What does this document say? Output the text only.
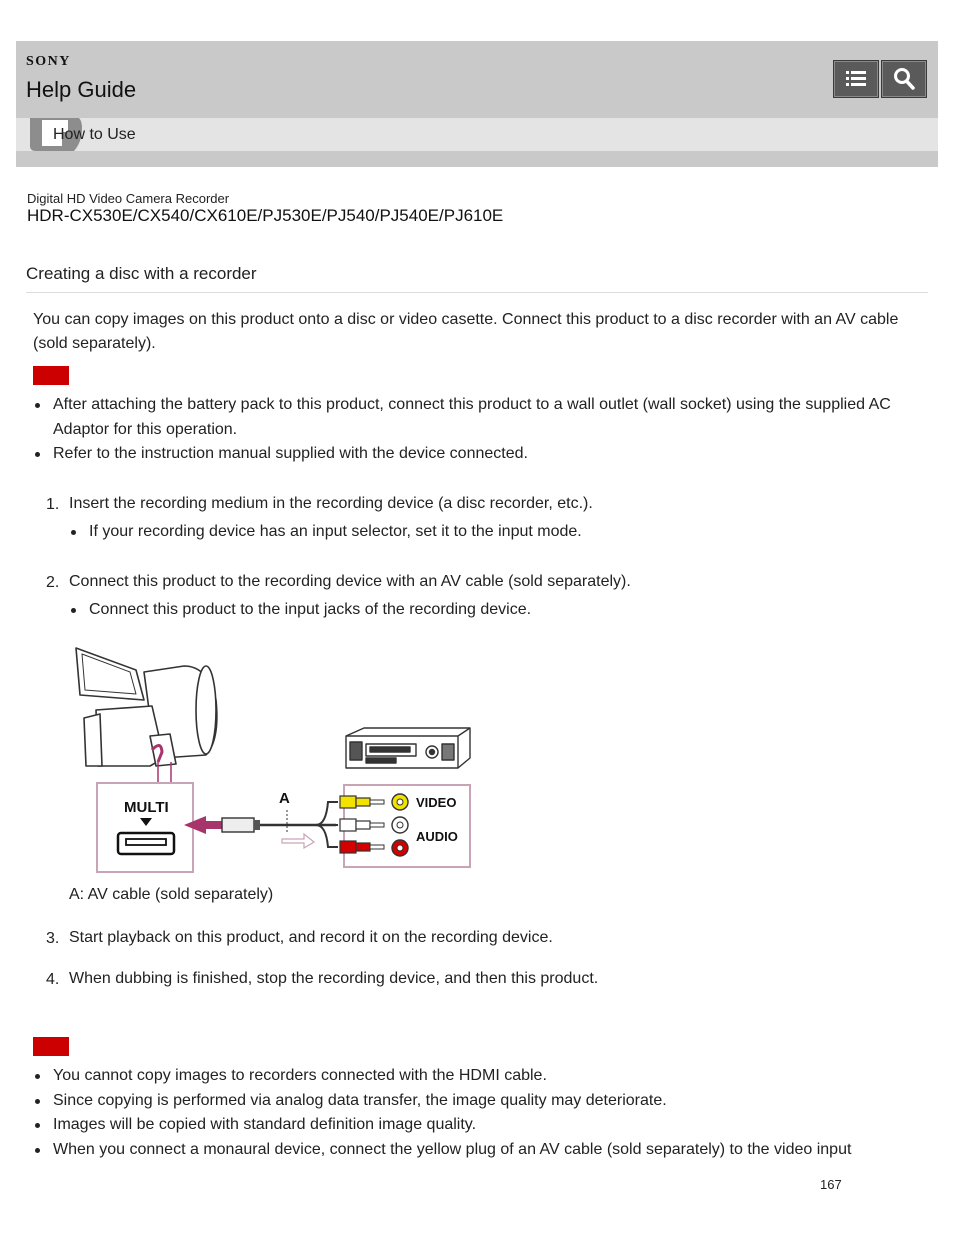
SONY
Help Guide
How to Use
Digital HD Video Camera Recorder
HDR-CX530E/CX540/CX610E/PJ530E/PJ540/PJ540E/PJ610E
Creating a disc with a recorder
You can copy images on this product onto a disc or video casette. Connect this product to a disc recorder with an AV cable (sold separately).
After attaching the battery pack to this product, connect this product to a wall outlet (wall socket) using the supplied AC Adaptor for this operation.
Refer to the instruction manual supplied with the device connected.
1. Insert the recording medium in the recording device (a disc recorder, etc.).
If your recording device has an input selector, set it to the input mode.
2. Connect this product to the recording device with an AV cable (sold separately).
Connect this product to the input jacks of the recording device.
MULTI
A	VIDEO
AUDIO
A: AV cable (sold separately)
3. Start playback on this product, and record it on the recording device.
4. When dubbing is finished, stop the recording device, and then this product.
You cannot copy images to recorders connected with the HDMI cable.
Since copying is performed via analog data transfer, the image quality may deteriorate.
Images will be copied with standard definition image quality.
When you connect a monaural device, connect the yellow plug of an AV cable (sold separately) to the video input
167
